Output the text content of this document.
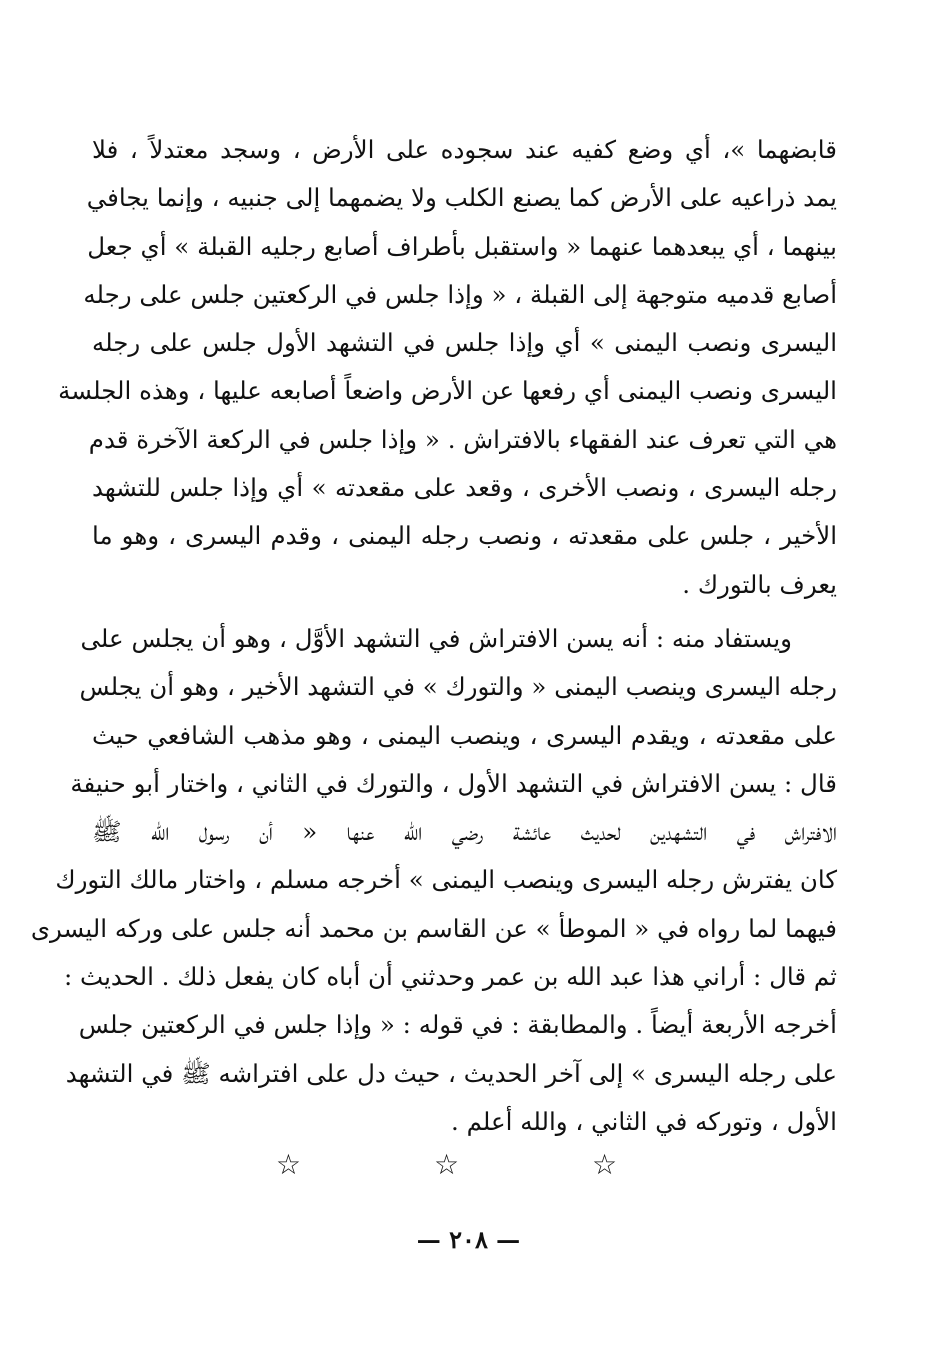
قابضهما »، أي وضع كفيه عند سجوده على الأرض ، وسجد معتدلاً ، فلا
يمد ذراعيه على الأرض كما يصنع الكلب ولا يضمهما إلى جنبيه ، وإنما يجافي
بينهما ، أي يبعدهما عنهما « واستقبل بأطراف أصابع رجليه القبلة » أي جعل
أصابع قدميه متوجهة إلى القبلة ، « وإذا جلس في الركعتين جلس على رجله
اليسرى ونصب اليمنى » أي وإذا جلس في التشهد الأول جلس على رجله
اليسرى ونصب اليمنى أي رفعها عن الأرض واضعاً أصابعه عليها ، وهذه الجلسة
هي التي تعرف عند الفقهاء بالافتراش . « وإذا جلس في الركعة الآخرة قدم
رجله اليسرى ، ونصب الأخرى ، وقعد على مقعدته » أي وإذا جلس للتشهد
الأخير ، جلس على مقعدته ، ونصب رجله اليمنى ، وقدم اليسرى ، وهو ما
يعرف بالتورك .
ويستفاد منه : أنه يسن الافتراش في التشهد الأوَّل ، وهو أن يجلس على
رجله اليسرى وينصب اليمنى « والتورك » في التشهد الأخير ، وهو أن يجلس
على مقعدته ، ويقدم اليسرى ، وينصب اليمنى ، وهو مذهب الشافعي حيث
قال : يسن الافتراش في التشهد الأول ، والتورك في الثاني ، واختار أبو حنيفة
الافتراش في التشهدين لحديث عائشة رضي الله عنها « أن رسول الله ﷺ
كان يفترش رجله اليسرى وينصب اليمنى » أخرجه مسلم ، واختار مالك التورك
فيهما لما رواه في « الموطأ » عن القاسم بن محمد أنه جلس على وركه اليسرى
ثم قال : أراني هذا عبد الله بن عمر وحدثني أن أباه كان يفعل ذلك . الحديث :
أخرجه الأربعة أيضاً . والمطابقة : في قوله : « وإذا جلس في الركعتين جلس
على رجله اليسرى » إلى آخر الحديث ، حيث دل على افتراشه ﷺ في التشهد
الأول ، وتوركه في الثاني ، والله أعلم .
☆	☆	☆
— ٢٠٨ —
